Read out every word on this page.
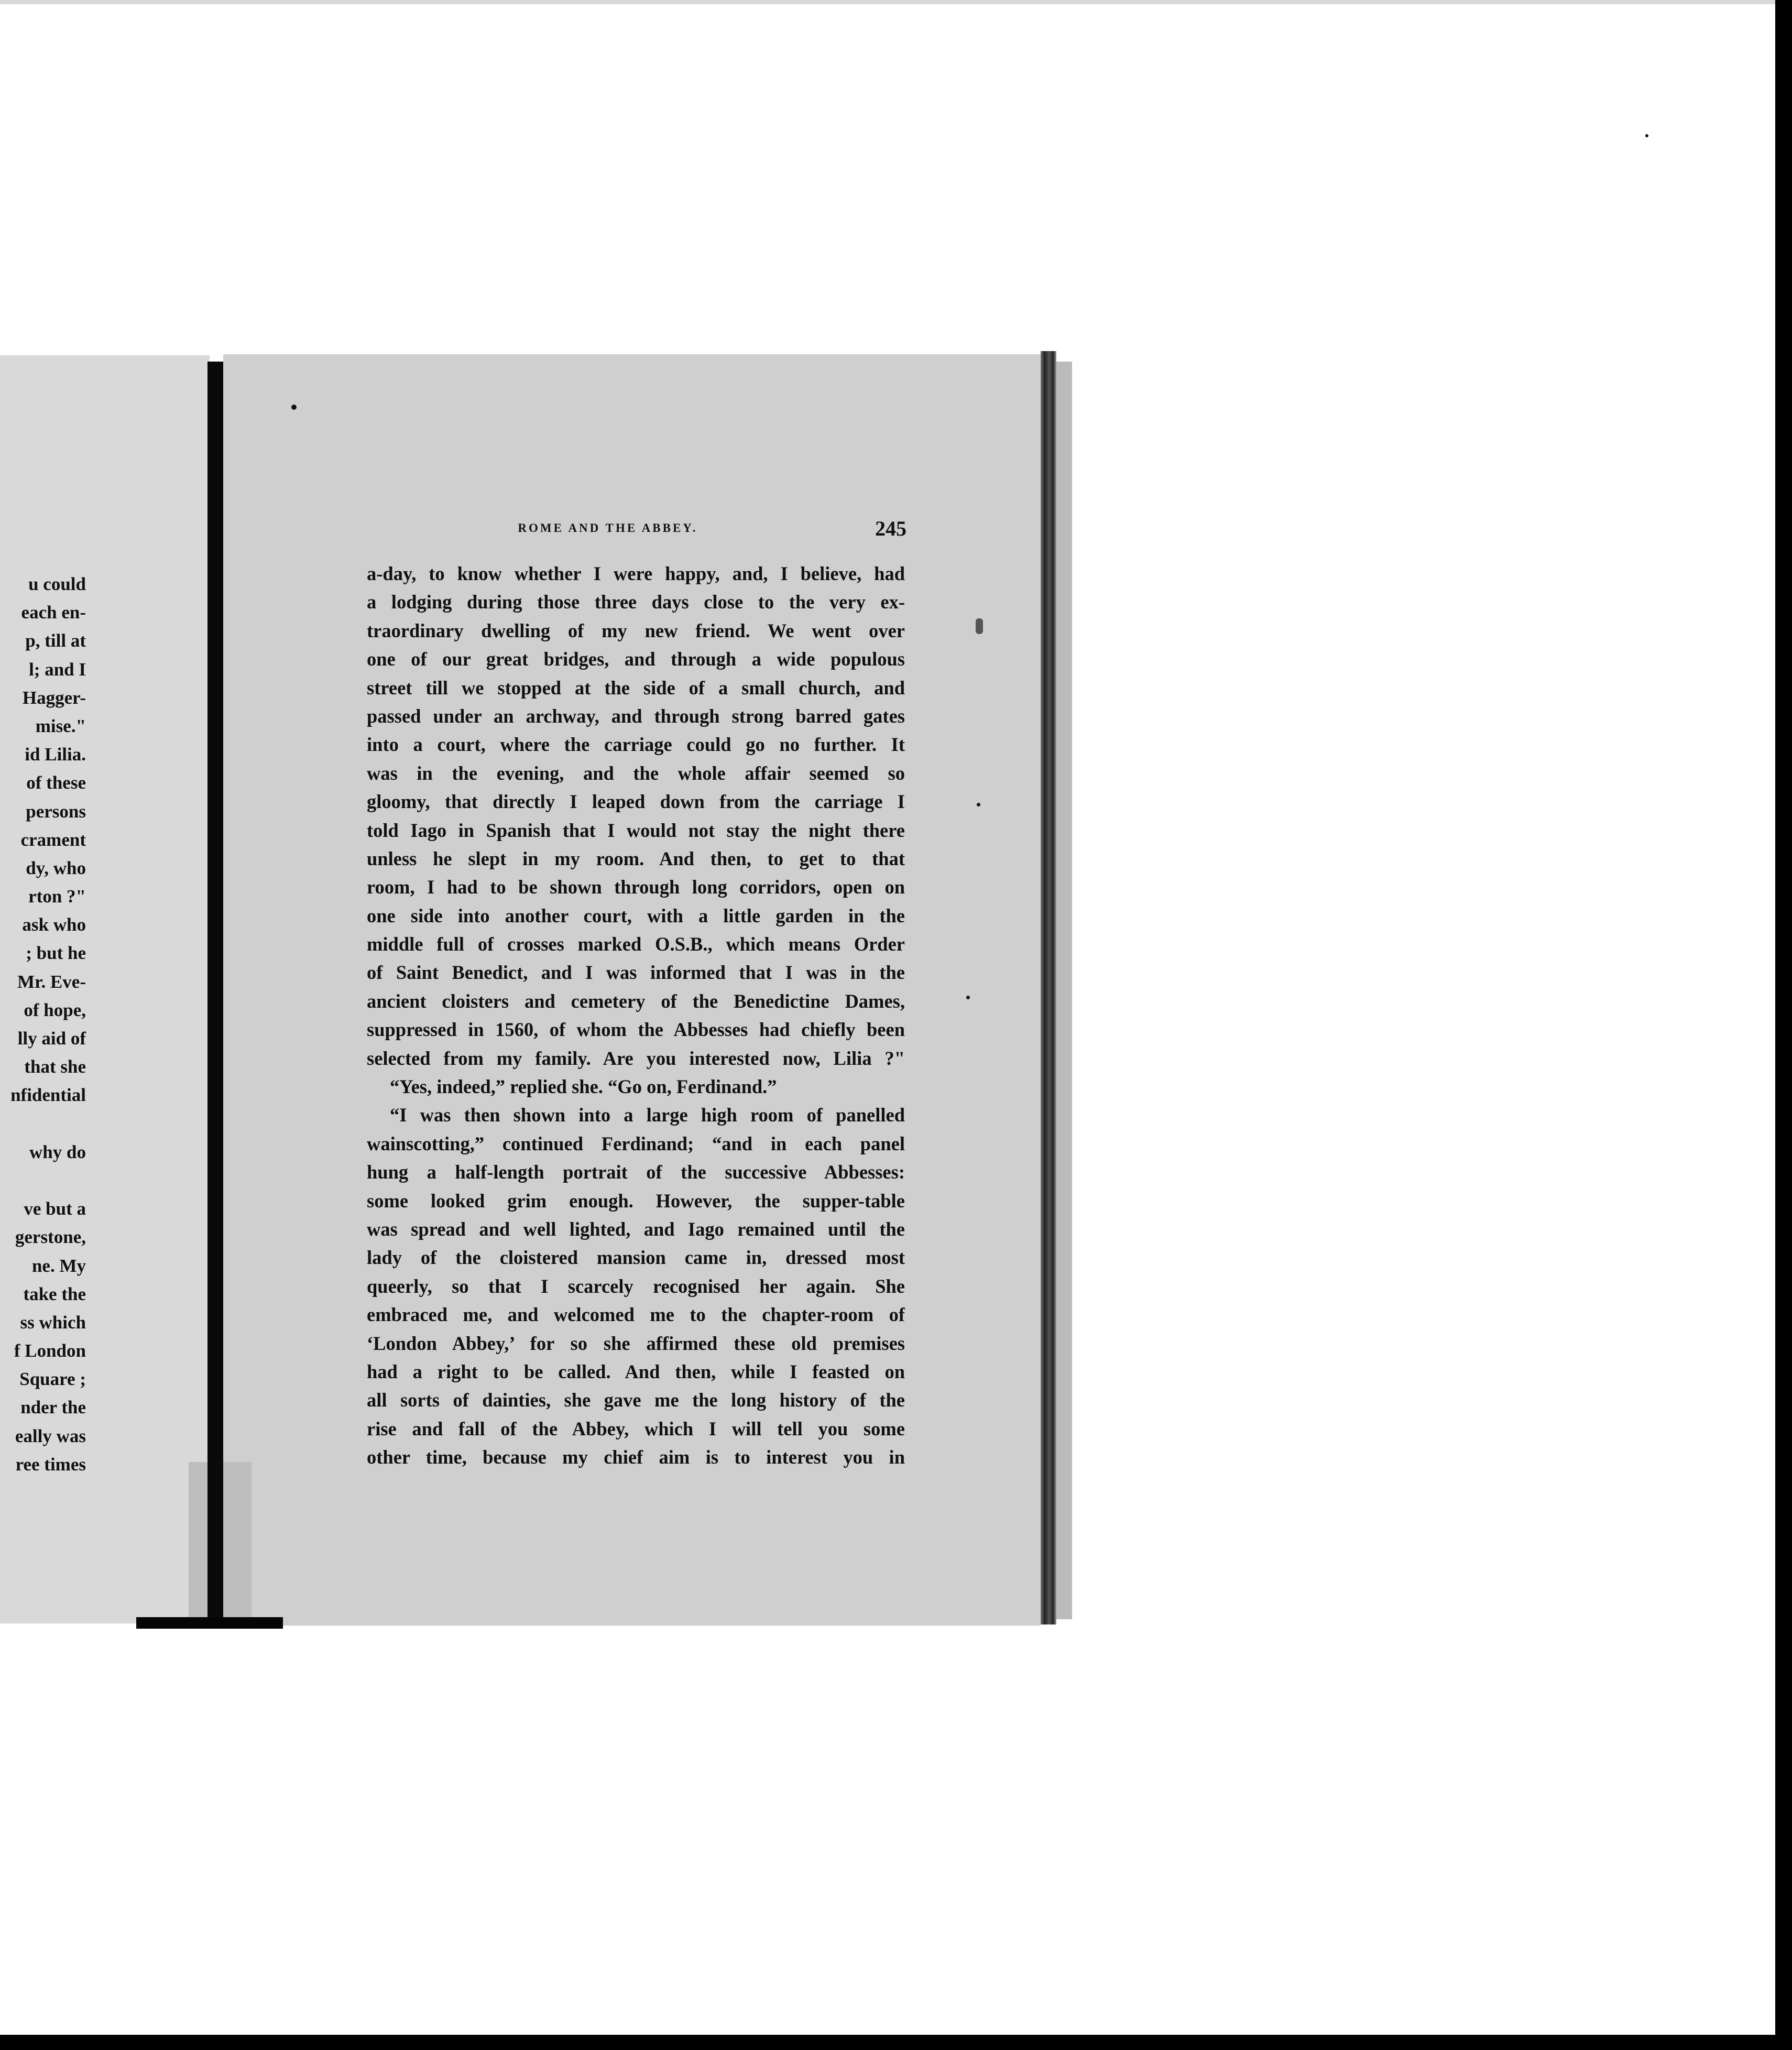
u could
each en-
p, till at
l; and I
Hagger-
mise."
id Lilia.
of these
persons
crament
dy, who
rton ?"
ask who
; but he
Mr. Eve-
of hope,
lly aid of
that she
nfidential
why do
ve but a
gerstone,
ne. My
take the
ss which
f London
Square ;
nder the
eally was
ree times
ROME AND THE ABBEY.	245
a-day, to know whether I were happy, and, I believe, had
a lodging during those three days close to the very ex-
traordinary dwelling of my new friend. We went over
one of our great bridges, and through a wide populous
street till we stopped at the side of a small church, and
passed under an archway, and through strong barred gates
into a court, where the carriage could go no further. It
was in the evening, and the whole affair seemed so
gloomy, that directly I leaped down from the carriage I
told Iago in Spanish that I would not stay the night there
unless he slept in my room. And then, to get to that
room, I had to be shown through long corridors, open on
one side into another court, with a little garden in the
middle full of crosses marked O.S.B., which means Order
of Saint Benedict, and I was informed that I was in the
ancient cloisters and cemetery of the Benedictine Dames,
suppressed in 1560, of whom the Abbesses had chiefly been
selected from my family. Are you interested now, Lilia ?"
“Yes, indeed,” replied she. “Go on, Ferdinand.”
“I was then shown into a large high room of panelled
wainscotting,” continued Ferdinand; “and in each panel
hung a half-length portrait of the successive Abbesses:
some looked grim enough. However, the supper-table
was spread and well lighted, and Iago remained until the
lady of the cloistered mansion came in, dressed most
queerly, so that I scarcely recognised her again. She
embraced me, and welcomed me to the chapter-room of
‘London Abbey,’ for so she affirmed these old premises
had a right to be called. And then, while I feasted on
all sorts of dainties, she gave me the long history of the
rise and fall of the Abbey, which I will tell you some
other time, because my chief aim is to interest you in
